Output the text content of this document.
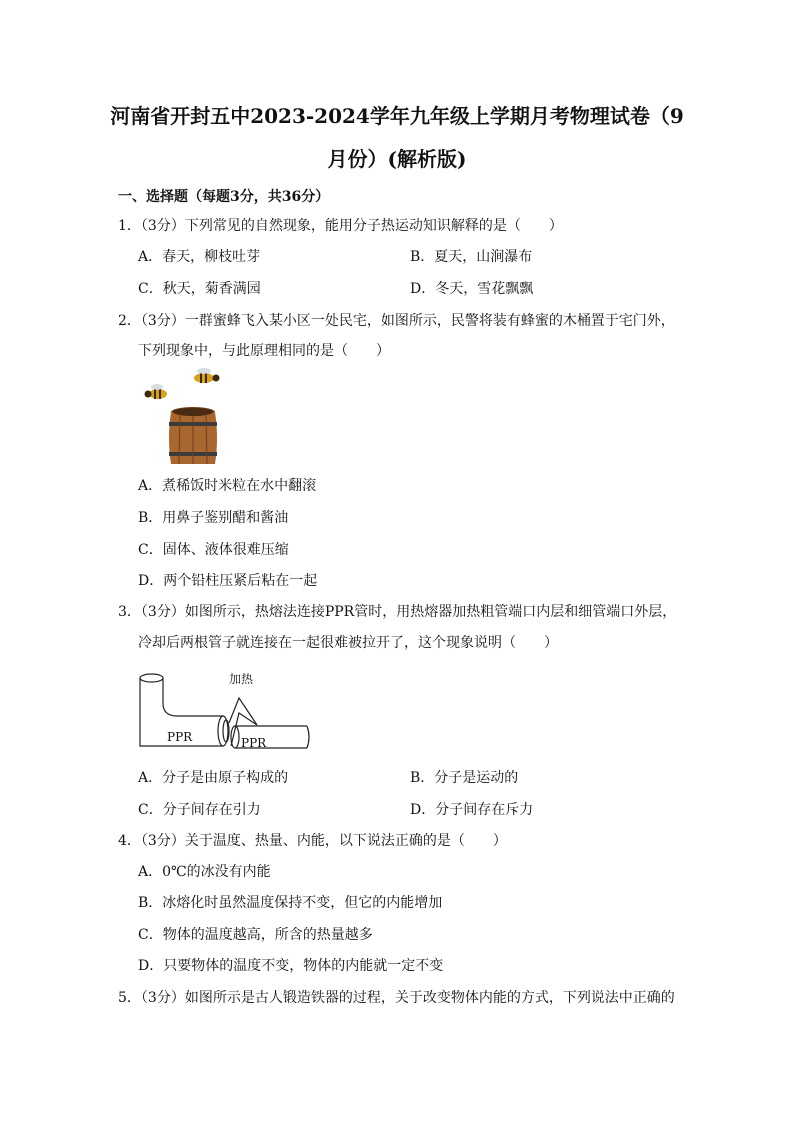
河南省开封五中2023-2024学年九年级上学期月考物理试卷（9
月份）(解析版)
一、选择题（每题3分，共36分）
1．（3分）下列常见的自然现象，能用分子热运动知识解释的是（　　）
A．春天，柳枝吐芽	B．夏天，山涧瀑布
C．秋天，菊香满园	D．冬天，雪花飘飘
2．（3分）一群蜜蜂飞入某小区一处民宅，如图所示，民警将装有蜂蜜的木桶置于宅门外，
下列现象中，与此原理相同的是（　　）
A．煮稀饭时米粒在水中翻滚
B．用鼻子鉴别醋和酱油
C．固体、液体很难压缩
D．两个铅柱压紧后粘在一起
3．（3分）如图所示，热熔法连接PPR管时，用热熔器加热粗管端口内层和细管端口外层，
冷却后两根管子就连接在一起很难被拉开了，这个现象说明（　　）
加热
PPR	PPR
A．分子是由原子构成的	B．分子是运动的
C．分子间存在引力	D．分子间存在斥力
4．（3分）关于温度、热量、内能，以下说法正确的是（　　）
A．0℃的冰没有内能
B．冰熔化时虽然温度保持不变，但它的内能增加
C．物体的温度越高，所含的热量越多
D．只要物体的温度不变，物体的内能就一定不变
5．（3分）如图所示是古人锻造铁器的过程，关于改变物体内能的方式，下列说法中正确的
